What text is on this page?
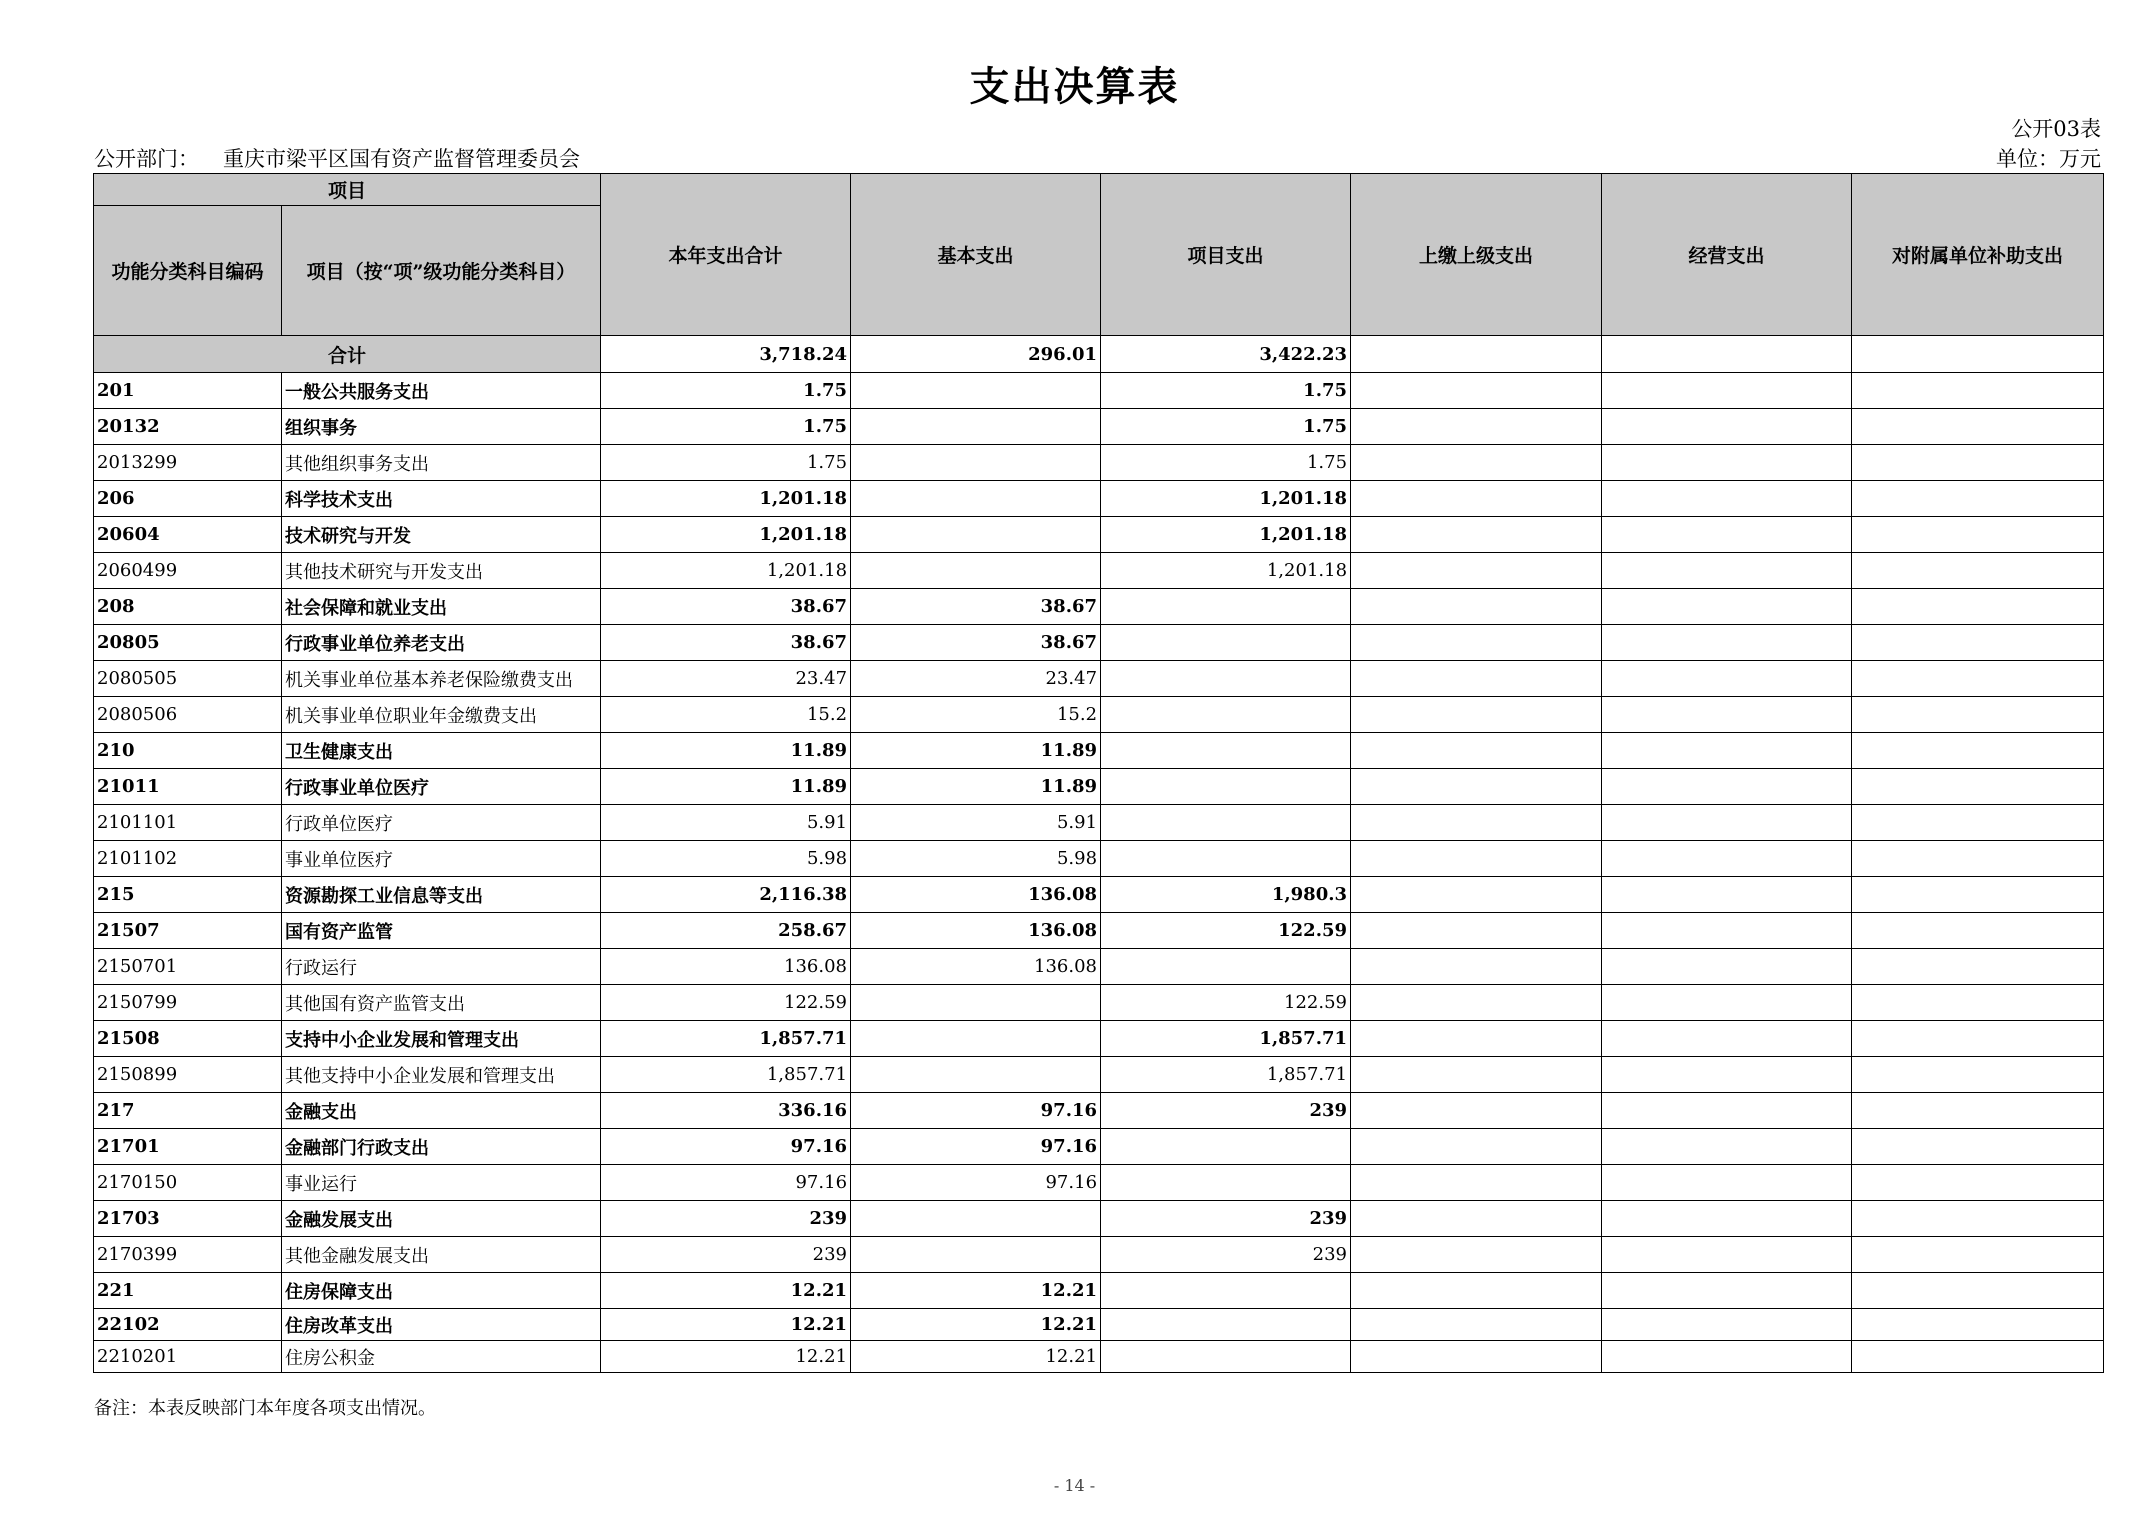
支出决算表
公开03表
公开部门： 重庆市梁平区国有资产监督管理委员会	单位：万元
项目		本年支出合计	基本支出	项目支出	上缴上级支出	经营支出	对附属单位补助支出
功能分类科目编码	项目（按“项”级功能分类科目）						
合计		3,718.24	296.01	3,422.23			
201	一般公共服务支出	1.75		1.75			
20132	组织事务	1.75		1.75			
2013299	其他组织事务支出	1.75		1.75			
206	科学技术支出	1,201.18		1,201.18			
20604	技术研究与开发	1,201.18		1,201.18			
2060499	其他技术研究与开发支出	1,201.18		1,201.18			
208	社会保障和就业支出	38.67	38.67				
20805	行政事业单位养老支出	38.67	38.67				
2080505	机关事业单位基本养老保险缴费支出	23.47	23.47				
2080506	机关事业单位职业年金缴费支出	15.2	15.2				
210	卫生健康支出	11.89	11.89				
21011	行政事业单位医疗	11.89	11.89				
2101101	行政单位医疗	5.91	5.91				
2101102	事业单位医疗	5.98	5.98				
215	资源勘探工业信息等支出	2,116.38	136.08	1,980.3			
21507	国有资产监管	258.67	136.08	122.59			
2150701	行政运行	136.08	136.08				
2150799	其他国有资产监管支出	122.59		122.59			
21508	支持中小企业发展和管理支出	1,857.71		1,857.71			
2150899	其他支持中小企业发展和管理支出	1,857.71		1,857.71			
217	金融支出	336.16	97.16	239			
21701	金融部门行政支出	97.16	97.16				
2170150	事业运行	97.16	97.16				
21703	金融发展支出	239		239			
2170399	其他金融发展支出	239		239			
221	住房保障支出	12.21	12.21				
22102	住房改革支出	12.21	12.21				
2210201	住房公积金	12.21	12.21				
备注：本表反映部门本年度各项支出情况。
- 14 -
